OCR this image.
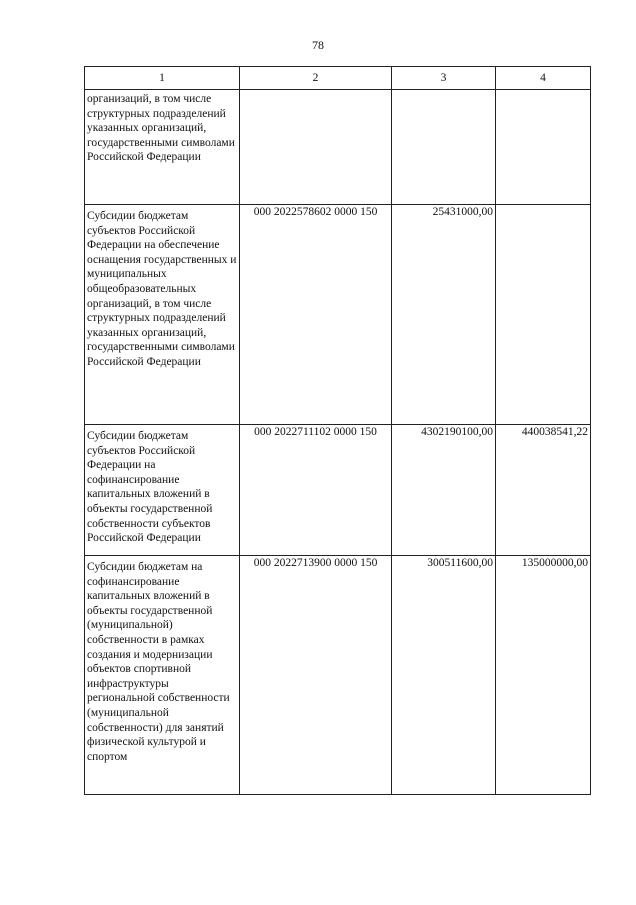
78
1	2	3	4

организаций, в том числе структурных подразделений указанных организаций, государственными символами Российской Федерации			

Субсидии бюджетам субъектов Российской Федерации на обеспечение оснащения государственных и муниципальных общеобразовательных организаций, в том числе структурных подразделений указанных организаций, государственными символами Российской Федерации	000 2022578602 0000 150	25431000,00	

Субсидии бюджетам субъектов Российской Федерации на софинансирование капитальных вложений в объекты государственной собственности субъектов Российской Федерации	000 2022711102 0000 150	4302190100,00	440038541,22

Субсидии бюджетам на софинансирование капитальных вложений в объекты государственной (муниципальной) собственности в рамках создания и модернизации объектов спортивной инфраструктуры региональной собственности (муниципальной собственности) для занятий физической культурой и спортом	000 2022713900 0000 150	300511600,00	135000000,00
